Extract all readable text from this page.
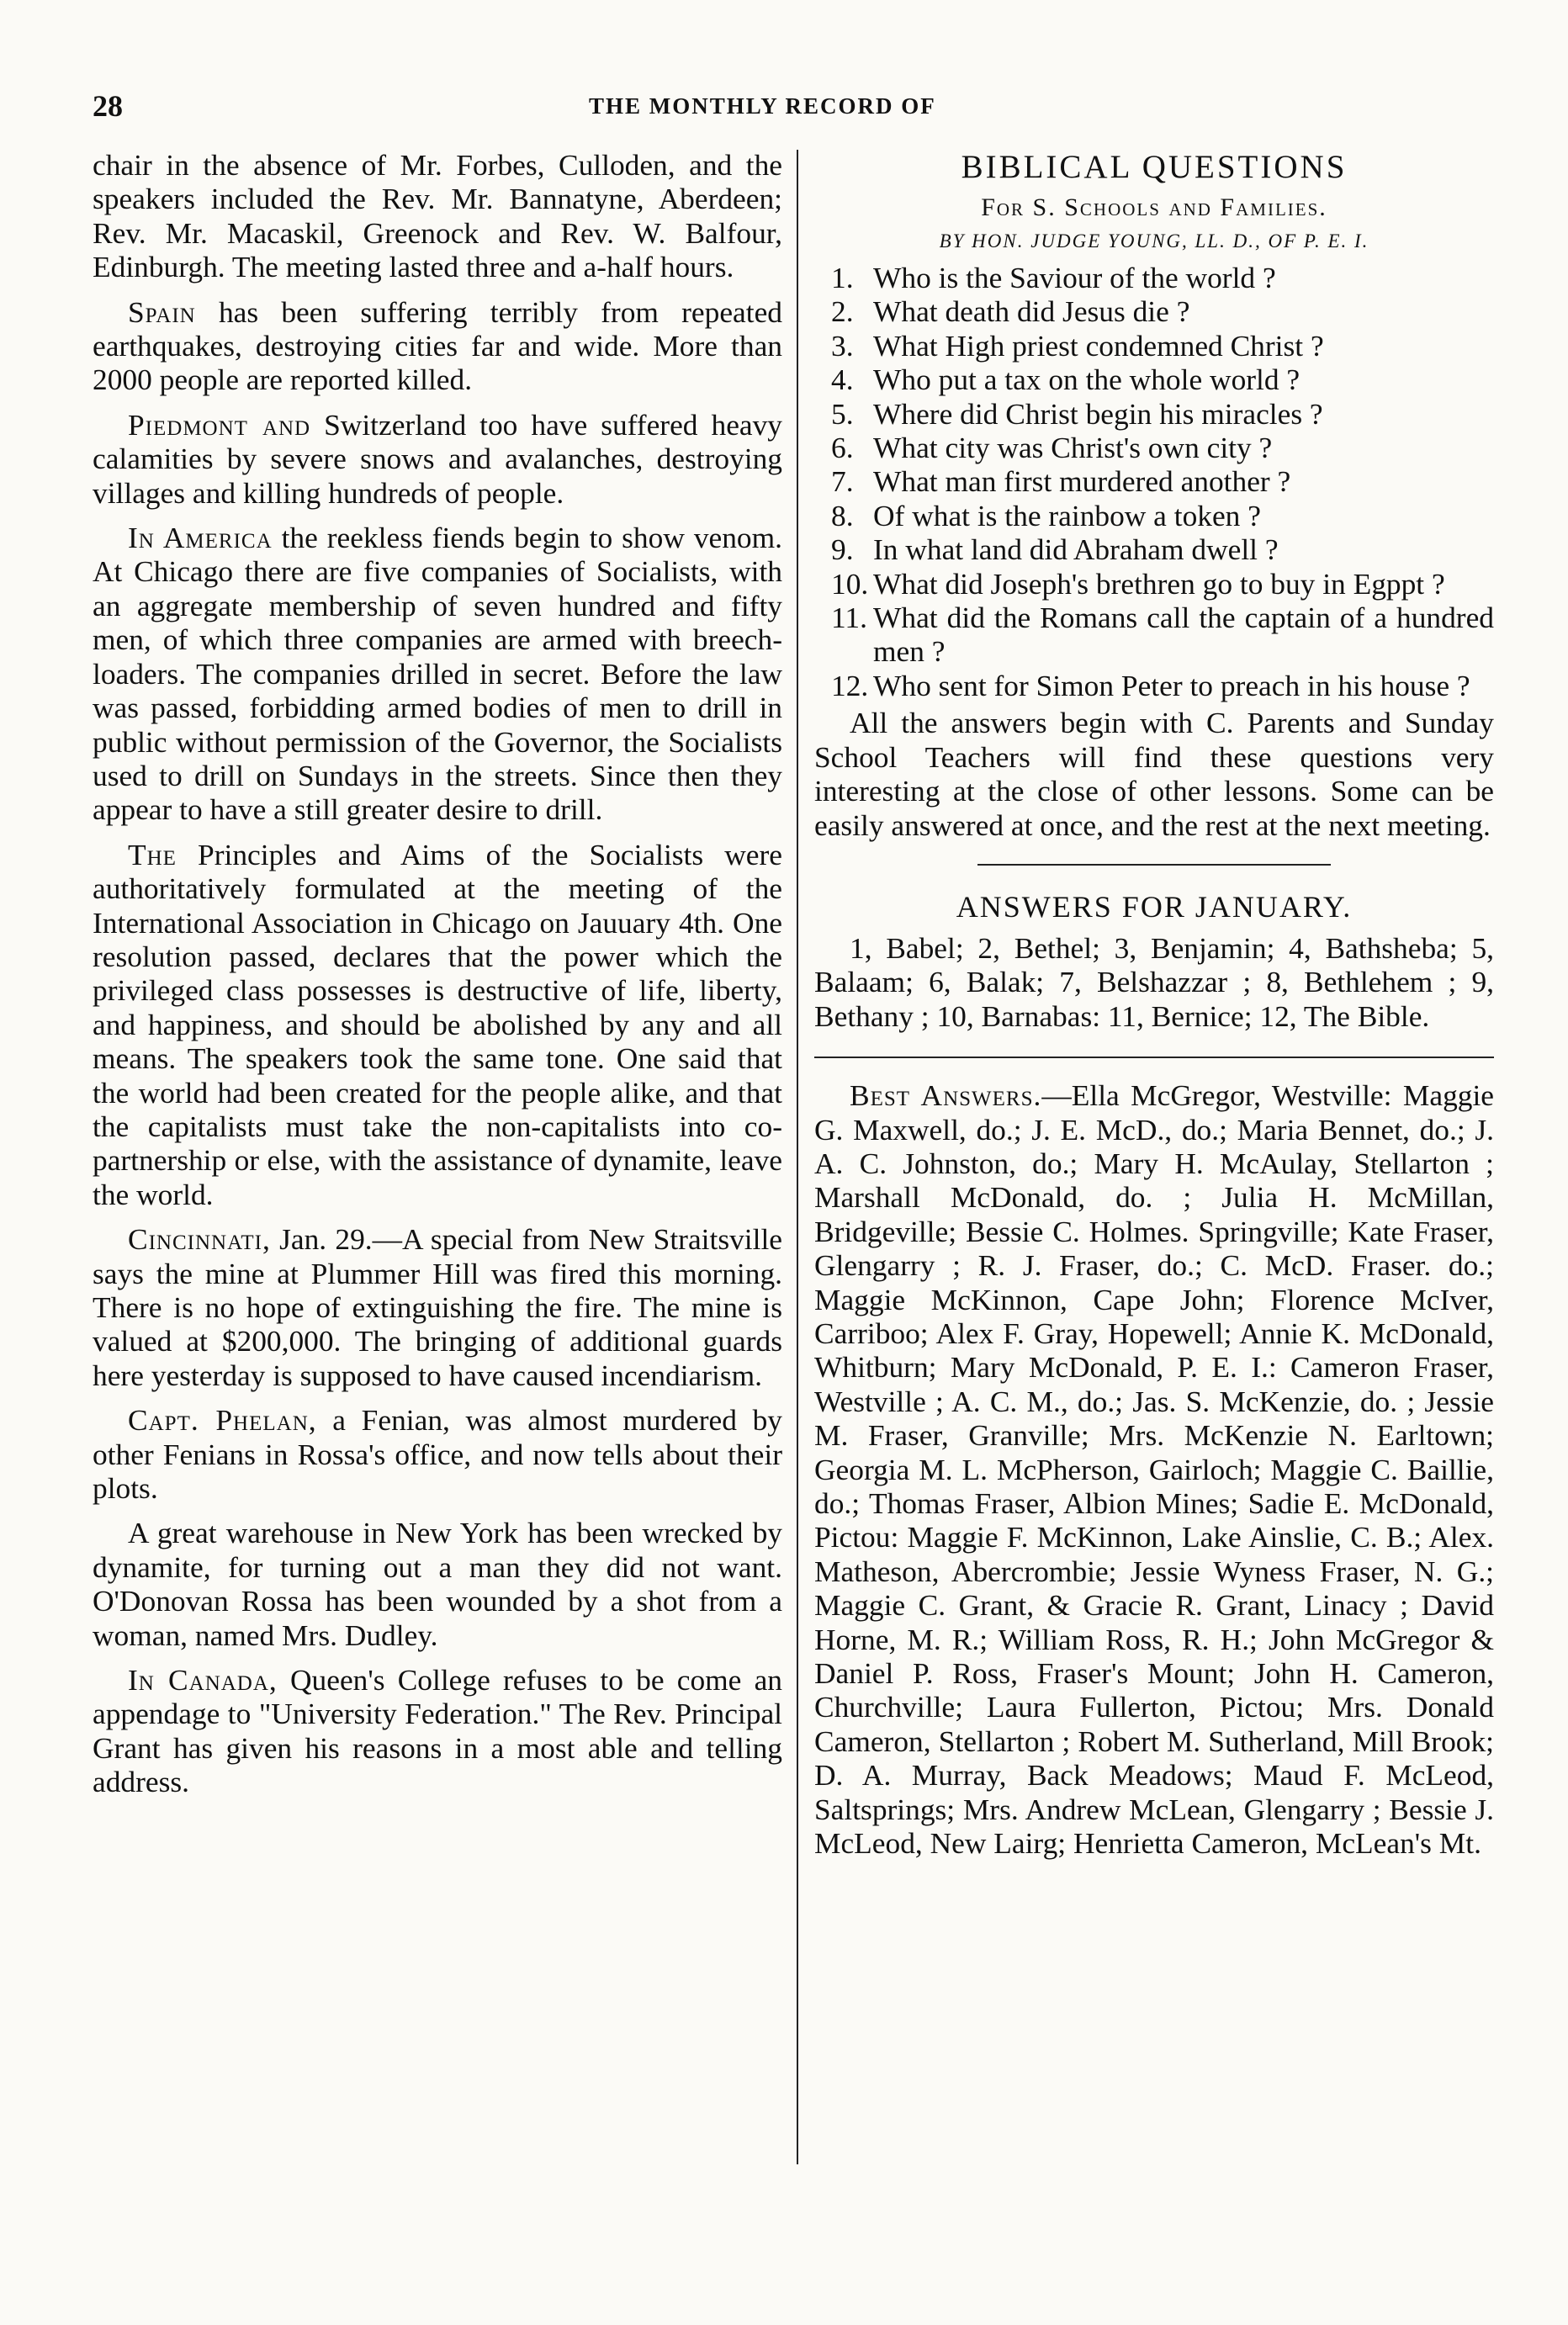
28	THE MONTHLY RECORD OF

chair in the absence of Mr. Forbes, Culloden, and the speakers included the Rev. Mr. Bannatyne, Aberdeen; Rev. Mr. Macaskil, Greenock and Rev. W. Balfour, Edinburgh. The meeting lasted three and a-half hours.

Spain has been suffering terribly from repeated earthquakes, destroying cities far and wide. More than 2000 people are reported killed.

Piedmont and Switzerland too have suffered heavy calamities by severe snows and avalanches, destroying villages and killing hundreds of people.

In America the reekless fiends begin to show venom. At Chicago there are five companies of Socialists, with an aggregate membership of seven hundred and fifty men, of which three companies are armed with breech-loaders. The companies drilled in secret. Before the law was passed, forbidding armed bodies of men to drill in public without permission of the Governor, the Socialists used to drill on Sundays in the streets. Since then they appear to have a still greater desire to drill.

The Principles and Aims of the Socialists were authoritatively formulated at the meeting of the International Association in Chicago on Jauuary 4th. One resolution passed, declares that the power which the privileged class possesses is destructive of life, liberty, and happiness, and should be abolished by any and all means. The speakers took the same tone. One said that the world had been created for the people alike, and that the capitalists must take the non-capitalists into co-partnership or else, with the assistance of dynamite, leave the world.

Cincinnati, Jan. 29.—A special from New Straitsville says the mine at Plummer Hill was fired this morning. There is no hope of extinguishing the fire. The mine is valued at $200,000. The bringing of additional guards here yesterday is supposed to have caused incendiarism.

Capt. Phelan, a Fenian, was almost murdered by other Fenians in Rossa's office, and now tells about their plots.

A great warehouse in New York has been wrecked by dynamite, for turning out a man they did not want. O'Donovan Rossa has been wounded by a shot from a woman, named Mrs. Dudley.

In Canada, Queen's College refuses to be come an appendage to "University Federation." The Rev. Principal Grant has given his reasons in a most able and telling address.

BIBLICAL QUESTIONS
For S. Schools and Families.
BY HON. JUDGE YOUNG, LL. D., OF P. E. I.
1. Who is the Saviour of the world ?
2. What death did Jesus die ?
3. What High priest condemned Christ ?
4. Who put a tax on the whole world ?
5. Where did Christ begin his miracles ?
6. What city was Christ's own city ?
7. What man first murdered another ?
8. Of what is the rainbow a token ?
9. In what land did Abraham dwell ?
10. What did Joseph's brethren go to buy in Egppt ?
11. What did the Romans call the captain of a hundred men ?
12. Who sent for Simon Peter to preach in his house ?

All the answers begin with C. Parents and Sunday School Teachers will find these questions very interesting at the close of other lessons. Some can be easily answered at once, and the rest at the next meeting.

ANSWERS FOR JANUARY.

1, Babel; 2, Bethel; 3, Benjamin; 4, Bathsheba; 5, Balaam; 6, Balak; 7, Belshazzar ; 8, Bethlehem ; 9, Bethany ; 10, Barnabas: 11, Bernice; 12, The Bible.

Best Answers.—Ella McGregor, Westville: Maggie G. Maxwell, do.; J. E. McD., do.; Maria Bennet, do.; J. A. C. Johnston, do.; Mary H. McAulay, Stellarton ; Marshall McDonald, do. ; Julia H. McMillan, Bridgeville; Bessie C. Holmes. Springville; Kate Fraser, Glengarry ; R. J. Fraser, do.; C. McD. Fraser. do.; Maggie McKinnon, Cape John; Florence McIver, Carriboo; Alex F. Gray, Hopewell; Annie K. McDonald, Whitburn; Mary McDonald, P. E. I.: Cameron Fraser, Westville ; A. C. M., do.; Jas. S. McKenzie, do. ; Jessie M. Fraser, Granville; Mrs. McKenzie N. Earltown; Georgia M. L. McPherson, Gairloch; Maggie C. Baillie, do.; Thomas Fraser, Albion Mines; Sadie E. McDonald, Pictou: Maggie F. McKinnon, Lake Ainslie, C. B.; Alex. Matheson, Abercrombie; Jessie Wyness Fraser, N. G.; Maggie C. Grant, & Gracie R. Grant, Linacy ; David Horne, M. R.; William Ross, R. H.; John McGregor & Daniel P. Ross, Fraser's Mount; John H. Cameron, Churchville; Laura Fullerton, Pictou; Mrs. Donald Cameron, Stellarton ; Robert M. Sutherland, Mill Brook; D. A. Murray, Back Meadows; Maud F. McLeod, Saltsprings; Mrs. Andrew McLean, Glengarry ; Bessie J. McLeod, New Lairg; Henrietta Cameron, McLean's Mt.
